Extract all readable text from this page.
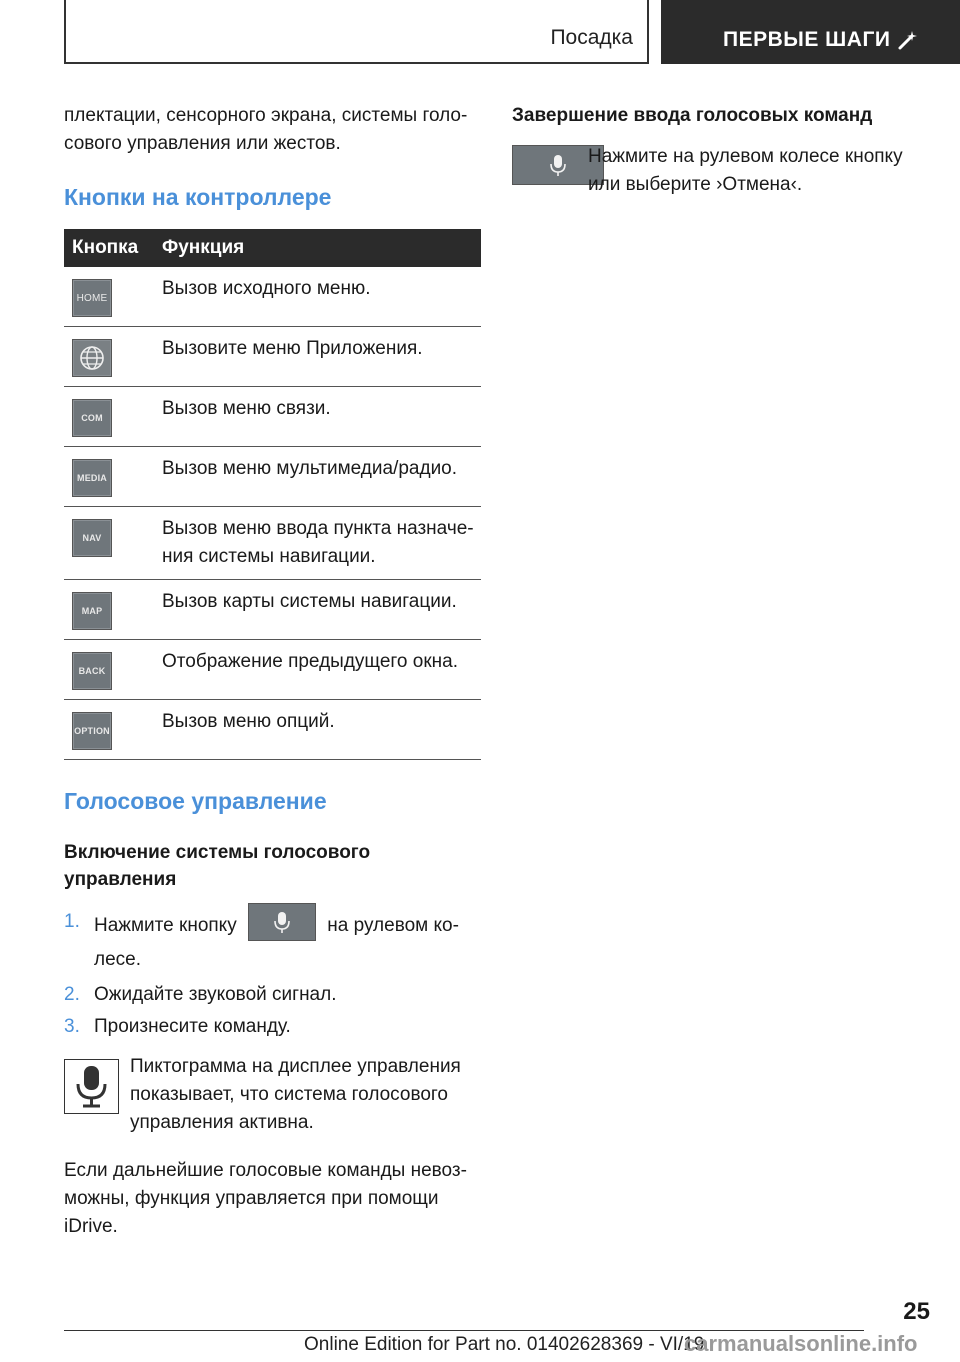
Посадка	ПЕРВЫЕ ШАГИ

плектации, сенсорного экрана, системы голо-

сового управления или жестов.

Кнопки на контроллере
Кнопка	Функция

HOME	Вызов исходного меню.

	Вызовите меню Приложения.

COM	Вызов меню связи.

MEDIA	Вызов меню мультимедиа/радио.

NAV	Вызов меню ввода пункта назначе-
ния системы навигации.

MAP	Вызов карты системы навигации.

BACK	Отображение предыдущего окна.

OPTION	Вызов меню опций.
Голосовое управление

Включение системы голосового

управления

1. Нажмите кнопку	на рулевом ко-
лесе.
2. Ожидайте звуковой сигнал.
3. Произнесите команду.

Пиктограмма на дисплее управления

показывает, что система голосового

управления активна.

Если дальнейшие голосовые команды невоз-

можны, функция управляется при помощи

iDrive.

Завершение ввода голосовых команд

Нажмите на рулевом колесе кнопку

или выберите ›Отмена‹.

25
Online Edition for Part no. 01402628369 - VI/19
carmanualsonline.info
